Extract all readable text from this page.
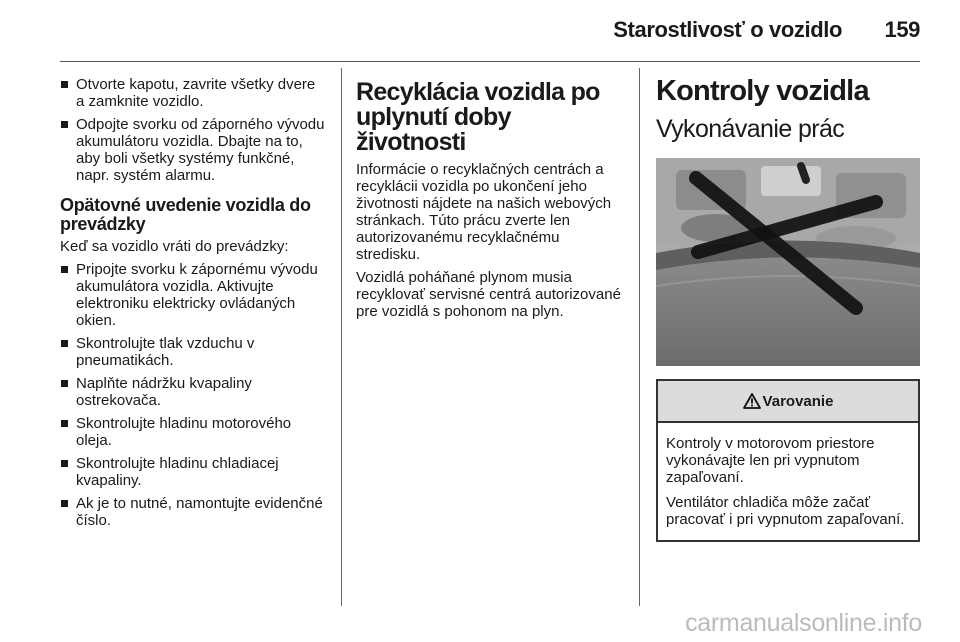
Starostlivosť o vozidlo 159
Otvorte kapotu, zavrite všetky dvere a zamknite vozidlo.
Odpojte svorku od záporného vývodu akumulátoru vozidla. Dbajte na to, aby boli všetky systémy funkčné, napr. systém alarmu.
Opätovné uvedenie vozidla do prevádzky

Keď sa vozidlo vráti do prevádzky:

Pripojte svorku k zápornému vývodu akumulátora vozidla. Aktivujte elektroniku elektricky ovládaných okien.
Skontrolujte tlak vzduchu v pneumatikách.
Naplňte nádržku kvapaliny ostrekovača.
Skontrolujte hladinu motorového oleja.
Skontrolujte hladinu chladiacej kvapaliny.
Ak je to nutné, namontujte evidenčné číslo.
Recyklácia vozidla po uplynutí doby životnosti

Informácie o recyklačných centrách a recyklácii vozidla po ukončení jeho životnosti nájdete na našich webových stránkach. Túto prácu zverte len autorizovanému recyklačnému stredisku.

Vozidlá poháňané plynom musia recyklovať servisné centrá autorizované pre vozidlá s pohonom na plyn.

Kontroly vozidla
Vykonávanie prác
Varovanie

Kontroly v motorovom priestore vykonávajte len pri vypnutom zapaľovaní.

Ventilátor chladiča môže začať pracovať i pri vypnutom zapaľovaní.

carmanualsonline.info
